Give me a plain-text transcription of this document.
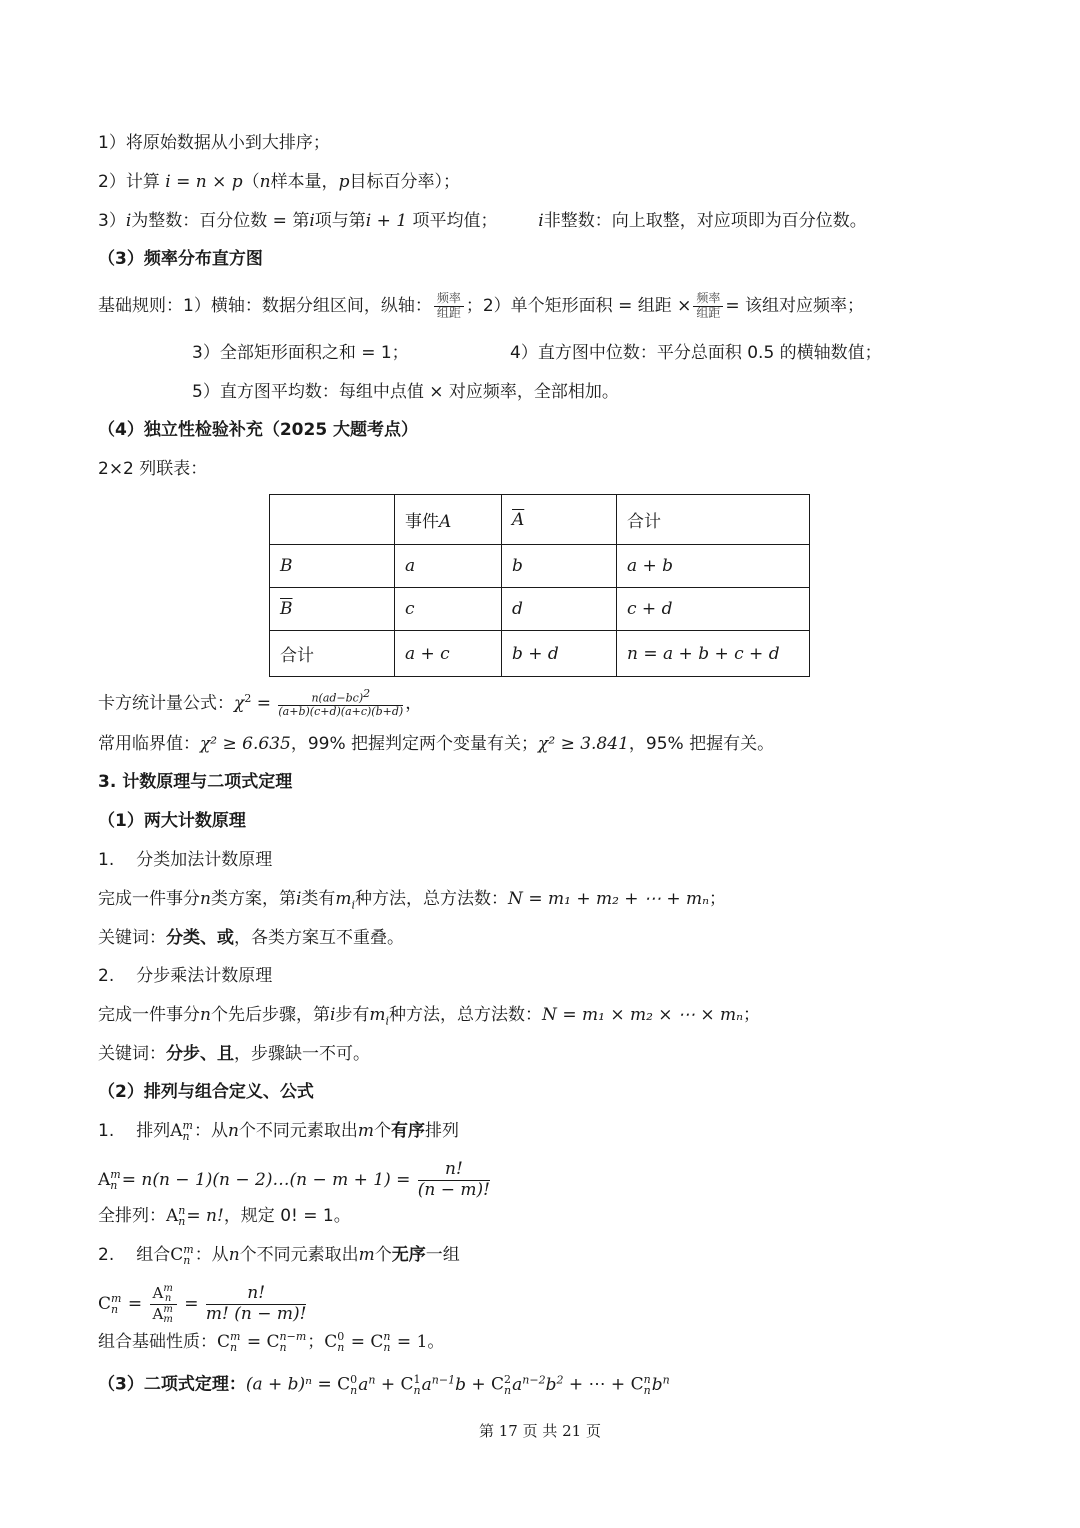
1）将原始数据从小到大排序；
2）计算 i = n × p（n样本量，p目标百分率）；
3）i为整数：百分位数 = 第i项与第i + 1 项平均值； i非整数：向上取整，对应项即为百分位数。
（3）频率分布直方图
基础规则：1）横轴：数据分组区间，纵轴： $\frac{\text{频率}}{\text{组距}}$ ；2）单个矩形面积 = 组距 × $\frac{\text{频率}}{\text{组距}}$ = 该组对应频率；
3）全部矩形面积之和 = 1；	4）直方图中位数：平分总面积 0.5 的横轴数值；
5）直方图平均数：每组中点值 × 对应频率，全部相加。
（4）独立性检验补充（2025 大题考点）
2×2 列联表：
	事件A	$\overline{A}$	合计
B	a	b	a + b
$\overline{B}$	c	d	c + d
合计	a + c	b + d	n = a + b + c + d
卡方统计量公式：$\chi^2 = \frac{n(ad-bc)^2}{(a+b)(c+d)(a+c)(b+d)}$ ，
常用临界值：χ² ≥ 6.635，99% 把握判定两个变量有关；χ² ≥ 3.841，95% 把握有关。
3. 计数原理与二项式定理
（1）两大计数原理
1. 分类加法计数原理
完成一件事分n类方案，第i类有$m_i$种方法，总方法数：N = m₁ + m₂ + ⋯ + mₙ；
关键词：分类、或，各类方案互不重叠。
2. 分步乘法计数原理
完成一件事分n个先后步骤，第i步有$m_i$种方法，总方法数：N = m₁ × m₂ × ⋯ × mₙ；
关键词：分步、且，步骤缺一不可。
（2）排列与组合定义、公式
1. 排列A m
n ：从n个不同元素取出m个有序排列
A m
n = n(n − 1)(n − 2)…(n − $m + 1) = \frac{n!}{(n - m)!}$
全排列：A n
n = n!，规定 0! = 1。
2. 组合C m
n ：从n个不同元素取出m个无序一组
C m
n = A m
n
A m
$m = \frac{n!}{m! (n - m)!}$
组合基础性质：C m
n = C n−m
n	；C 0
n = C n
n = 1。
（3）二项式定理：(a + b)ⁿ = C 0
n $a^n + C$ 1
n $a^{n-1}b + C$ 2
n $a^{n-2}b^2$ + ⋯ + C n
n $b^n$
第 17 页 共 21 页
